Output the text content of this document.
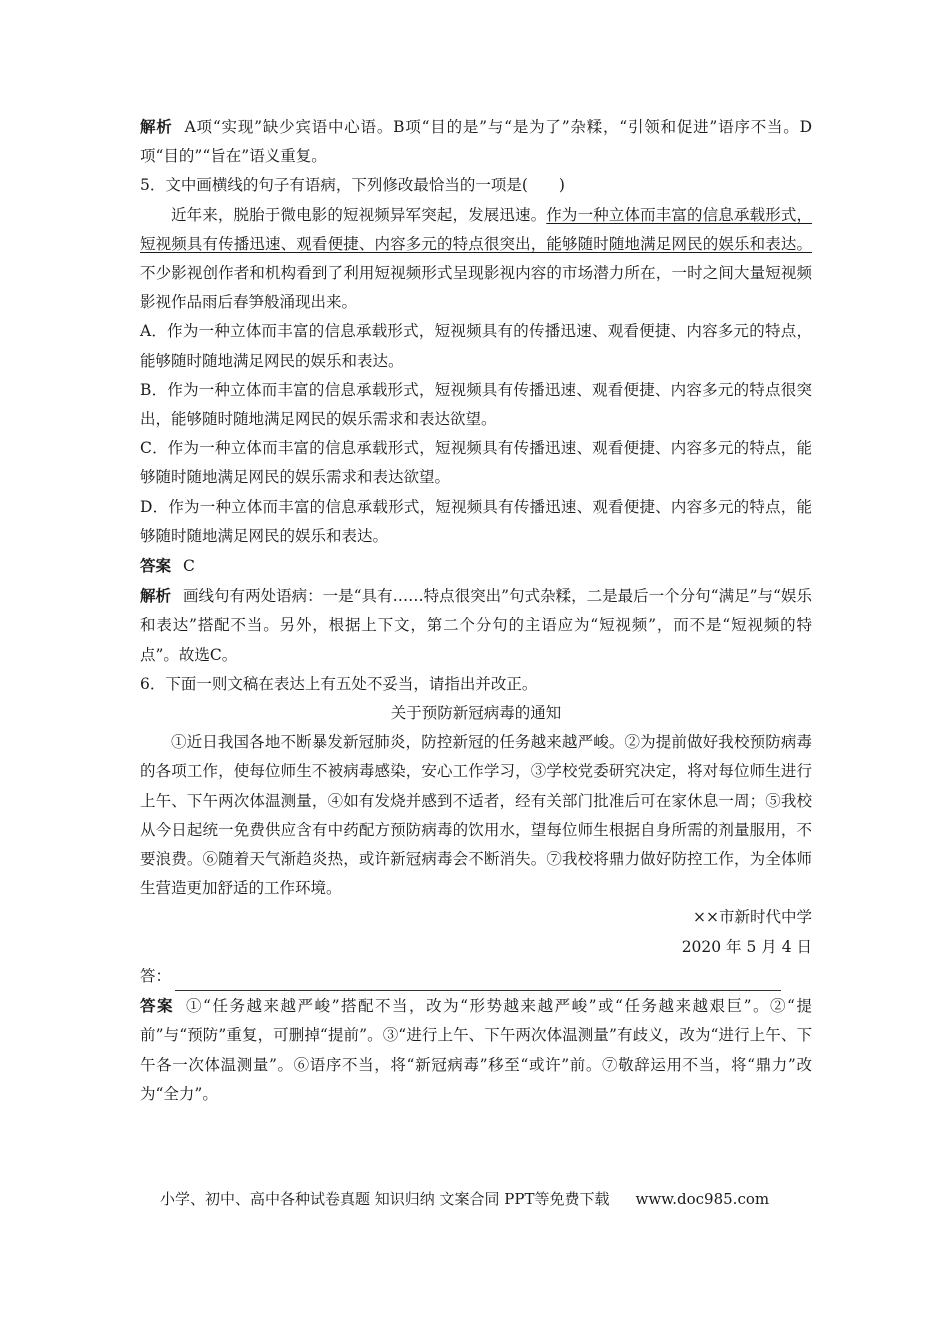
解析 A项“实现”缺少宾语中心语。B项“目的是”与“是为了”杂糅，“引领和促进”语序不当。D项“目的”“旨在”语义重复。

5．文中画横线的句子有语病，下列修改最恰当的一项是(　　)

近年来，脱胎于微电影的短视频异军突起，发展迅速。作为一种立体而丰富的信息承载形式，短视频具有传播迅速、观看便捷、内容多元的特点很突出，能够随时随地满足网民的娱乐和表达。不少影视创作者和机构看到了利用短视频形式呈现影视内容的市场潜力所在，一时之间大量短视频影视作品雨后春笋般涌现出来。

A．作为一种立体而丰富的信息承载形式，短视频具有的传播迅速、观看便捷、内容多元的特点，能够随时随地满足网民的娱乐和表达。

B．作为一种立体而丰富的信息承载形式，短视频具有传播迅速、观看便捷、内容多元的特点很突出，能够随时随地满足网民的娱乐需求和表达欲望。

C．作为一种立体而丰富的信息承载形式，短视频具有传播迅速、观看便捷、内容多元的特点，能够随时随地满足网民的娱乐需求和表达欲望。

D．作为一种立体而丰富的信息承载形式，短视频具有传播迅速、观看便捷、内容多元的特点，能够随时随地满足网民的娱乐和表达。

答案 C

解析 画线句有两处语病：一是“具有……特点很突出”句式杂糅，二是最后一个分句“满足”与“娱乐和表达”搭配不当。另外，根据上下文，第二个分句的主语应为“短视频”，而不是“短视频的特点”。故选C。

6．下面一则文稿在表达上有五处不妥当，请指出并改正。

关于预防新冠病毒的通知

①近日我国各地不断暴发新冠肺炎，防控新冠的任务越来越严峻。②为提前做好我校预防病毒的各项工作，使每位师生不被病毒感染，安心工作学习，③学校党委研究决定，将对每位师生进行上午、下午两次体温测量，④如有发烧并感到不适者，经有关部门批准后可在家休息一周；⑤我校从今日起统一免费供应含有中药配方预防病毒的饮用水，望每位师生根据自身所需的剂量服用，不要浪费。⑥随着天气渐趋炎热，或许新冠病毒会不断消失。⑦我校将鼎力做好防控工作，为全体师生营造更加舒适的工作环境。

××市新时代中学

2020 年 5 月 4 日

答：

答案 ①“任务越来越严峻”搭配不当，改为“形势越来越严峻”或“任务越来越艰巨”。②“提前”与“预防”重复，可删掉“提前”。③“进行上午、下午两次体温测量”有歧义，改为“进行上午、下午各一次体温测量”。⑥语序不当，将“新冠病毒”移至“或许”前。⑦敬辞运用不当，将“鼎力”改为“全力”。

小学、初中、高中各种试卷真题 知识归纳 文案合同 PPT等免费下载 www.doc985.com
